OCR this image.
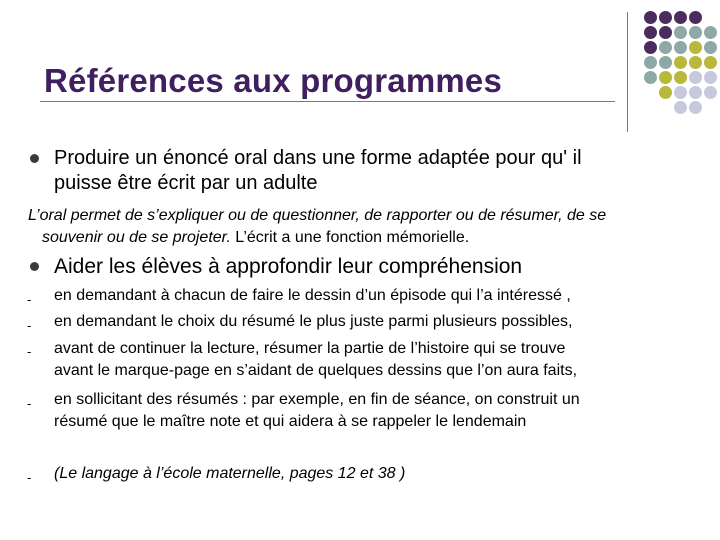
Références aux programmes
Produire un énoncé oral dans une forme adaptée pour qu' il
puisse être écrit par un adulte
L’oral permet de s’expliquer ou de questionner, de rapporter ou de résumer, de se
souvenir ou de se projeter. L’écrit a une fonction mémorielle.
Aider les élèves à approfondir leur compréhension
- en demandant à chacun de faire le dessin d’un épisode qui l’a intéressé ,
- en demandant le choix du résumé le plus juste parmi plusieurs possibles,
- avant de continuer la lecture, résumer la partie de l’histoire qui se trouve
avant le marque-page en s’aidant de quelques dessins que l’on aura faits,
- en sollicitant des résumés : par exemple, en fin de séance, on construit un
résumé que le maître note et qui aidera à se rappeler le lendemain
- (Le langage à l’école maternelle, pages 12 et 38 )
